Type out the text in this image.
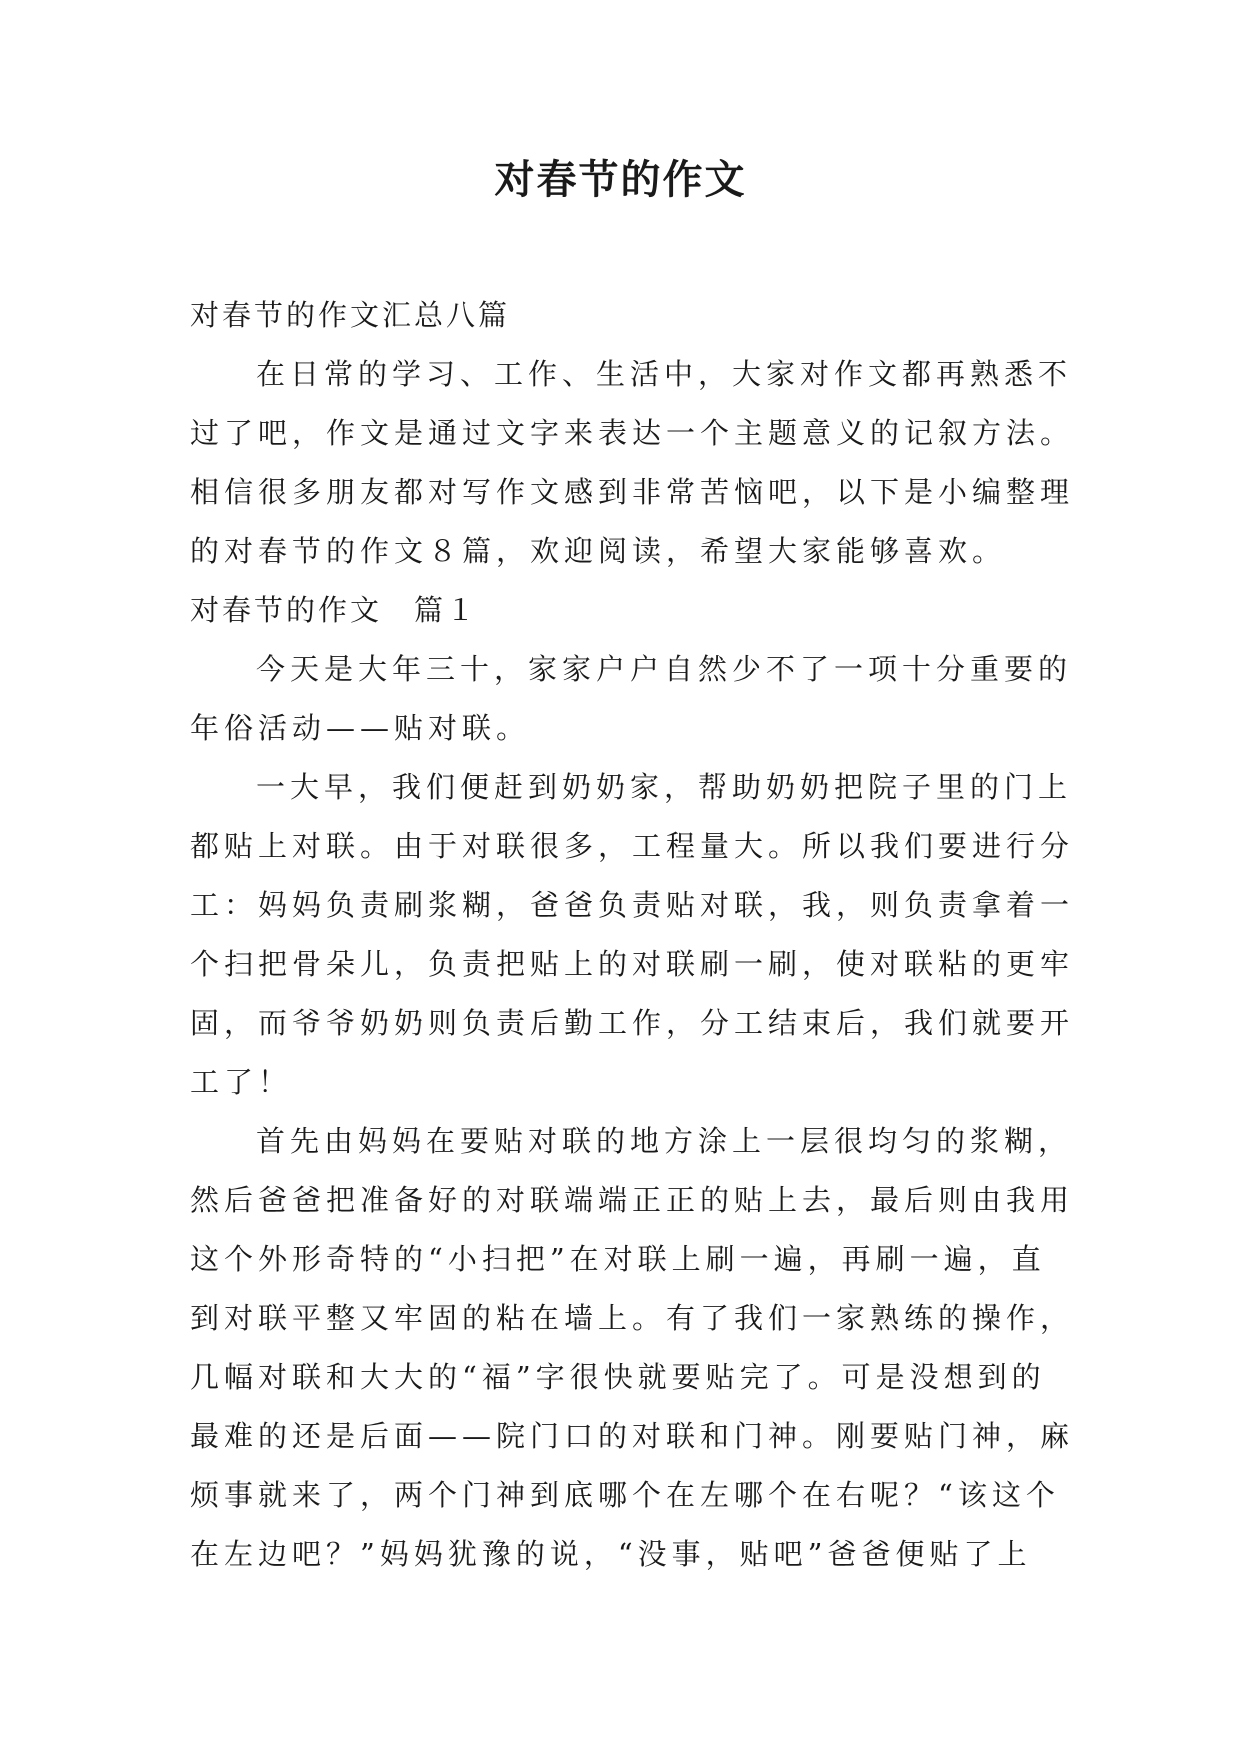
对春节的作文
对春节的作文汇总八篇
在日常的学习、工作、生活中，大家对作文都再熟悉不
过了吧，作文是通过文字来表达一个主题意义的记叙方法。
相信很多朋友都对写作文感到非常苦恼吧，以下是小编整理
的对春节的作文８篇，欢迎阅读，希望大家能够喜欢。
对春节的作文　篇１
今天是大年三十，家家户户自然少不了一项十分重要的
年俗活动——贴对联。
一大早，我们便赶到奶奶家，帮助奶奶把院子里的门上
都贴上对联。由于对联很多，工程量大。所以我们要进行分
工：妈妈负责刷浆糊，爸爸负责贴对联，我，则负责拿着一
个扫把骨朵儿，负责把贴上的对联刷一刷，使对联粘的更牢
固，而爷爷奶奶则负责后勤工作，分工结束后，我们就要开
工了！
首先由妈妈在要贴对联的地方涂上一层很均匀的浆糊，
然后爸爸把准备好的对联端端正正的贴上去，最后则由我用
这个外形奇特的“小扫把”在对联上刷一遍，再刷一遍，直
到对联平整又牢固的粘在墙上。有了我们一家熟练的操作，
几幅对联和大大的“福”字很快就要贴完了。可是没想到的
最难的还是后面——院门口的对联和门神。刚要贴门神，麻
烦事就来了，两个门神到底哪个在左哪个在右呢？“该这个
在左边吧？”妈妈犹豫的说，“没事，贴吧”爸爸便贴了上
